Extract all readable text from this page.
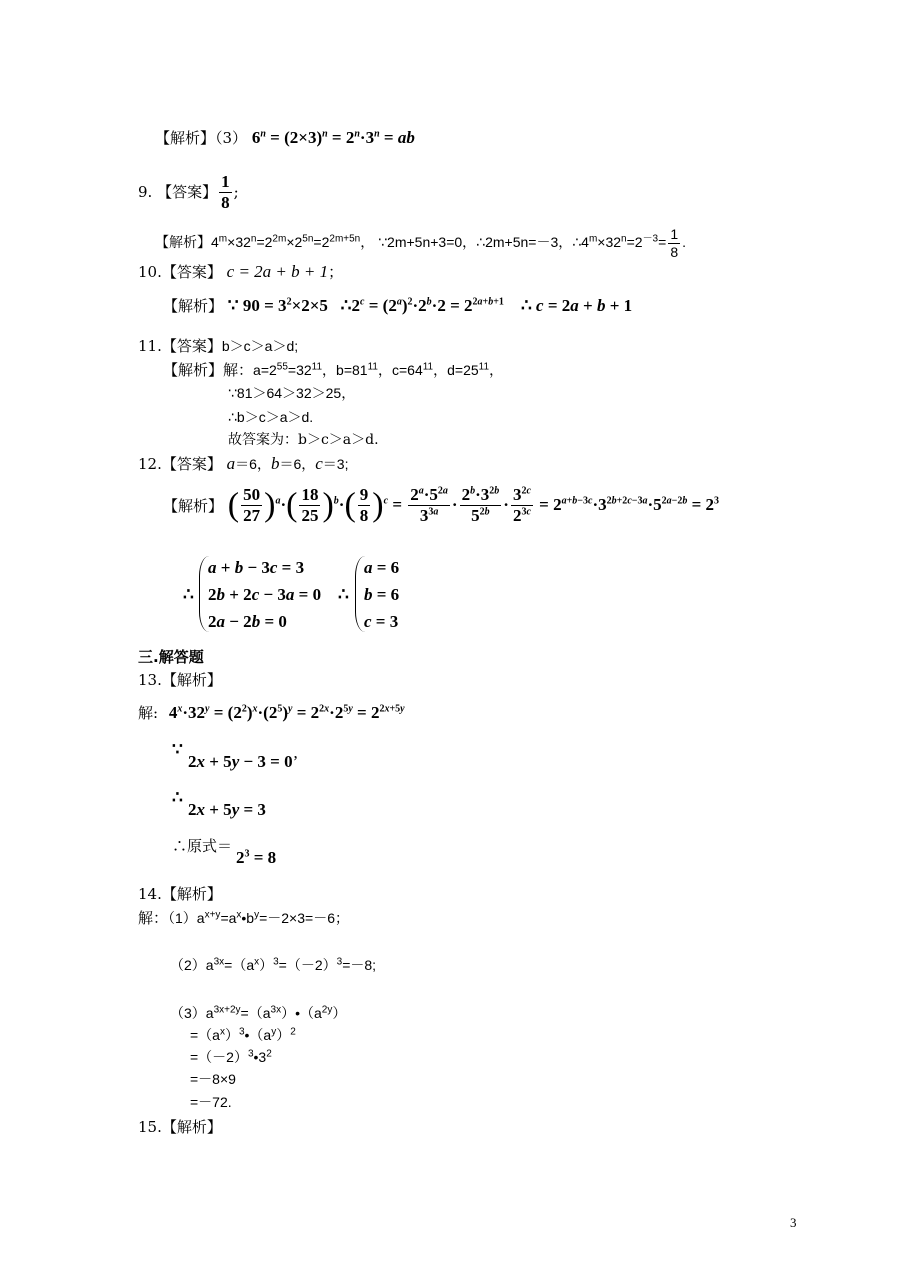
【解析】（3） $6^n = (2\times 3)^n = 2^n\cdot 3^n$ = ab
9. 【答案】 $\frac{1}{8}$ ;
【解析】$4^m\times 32^n=2^{2m}\times 2^{5n}=2^{2m+5n}$， ∵2m+5n+3=0，∴2m+5n=－3，$\therefore 4^m\times 32^n=2^{-3}= \frac{1}{8}$ .
10.【答案】 c = 2a + b + 1；
【解析】 ∵ $90 = 3^2\times 2\times 5$   $\therefore 2^c = (2^a)^2\cdot 2^b\cdot 2 = 2^{2a+b+1}$    ∴ c = 2a + b + 1
11.【答案】b＞c＞a＞d;
【解析】解：$a=2^{55}=32^{11}$，$b=81^{11}$，$c=64^{11}$，$d=25^{11}$，
∵81＞64＞32＞25，
∴b＞c＞a＞d.
故答案为：b＞c＞a＞d.
12.【答案】 a＝6，b＝6，c＝3;
【解析】 ( $\frac{50}{27} )^a\cdot( \frac{18}{25} )^b\cdot( \frac{9}{8} )^c = \frac{2^a\cdot 5^{2a}}{3^{3a}} \cdot \frac{2^b\cdot 3^{2b}}{5^{2b}} \cdot \frac{3^{2c}}{2^{3c}} = 2^{a+b-3c}\cdot 3^{2b+2c-3a}\cdot 5^{2a-2b} = 2^3$
∴
a + b − 3c = 3
2b + 2c − 3a = 0
2a − 2b = 0
∴
a = 6
b = 6
c = 3
三.解答题
13.【解析】
解: $4^x\cdot 32^y = (2^2)^x\cdot(2^5)^y = 2^{2x}\cdot 2^{5y} = 2^{2x+5y}$
∵
2x + 5y − 3 = 0’
∴
2x + 5y = 3
∴原式＝
$2^3 = 8$
14.【解析】
解：$(1)a^{x+y}=a^x•b^y=-2\times 3=-6$；
$(2)a^{3x}=(a^x)^3=(-2)^3=-8$;
$(3)a^{3x+2y}=(a^{3x})•(a^{2y})$
$=(a^x)^3•(a^y)^2$
$=(-2)^3•3^2$
=－8×9
=－72.
15.【解析】
3
